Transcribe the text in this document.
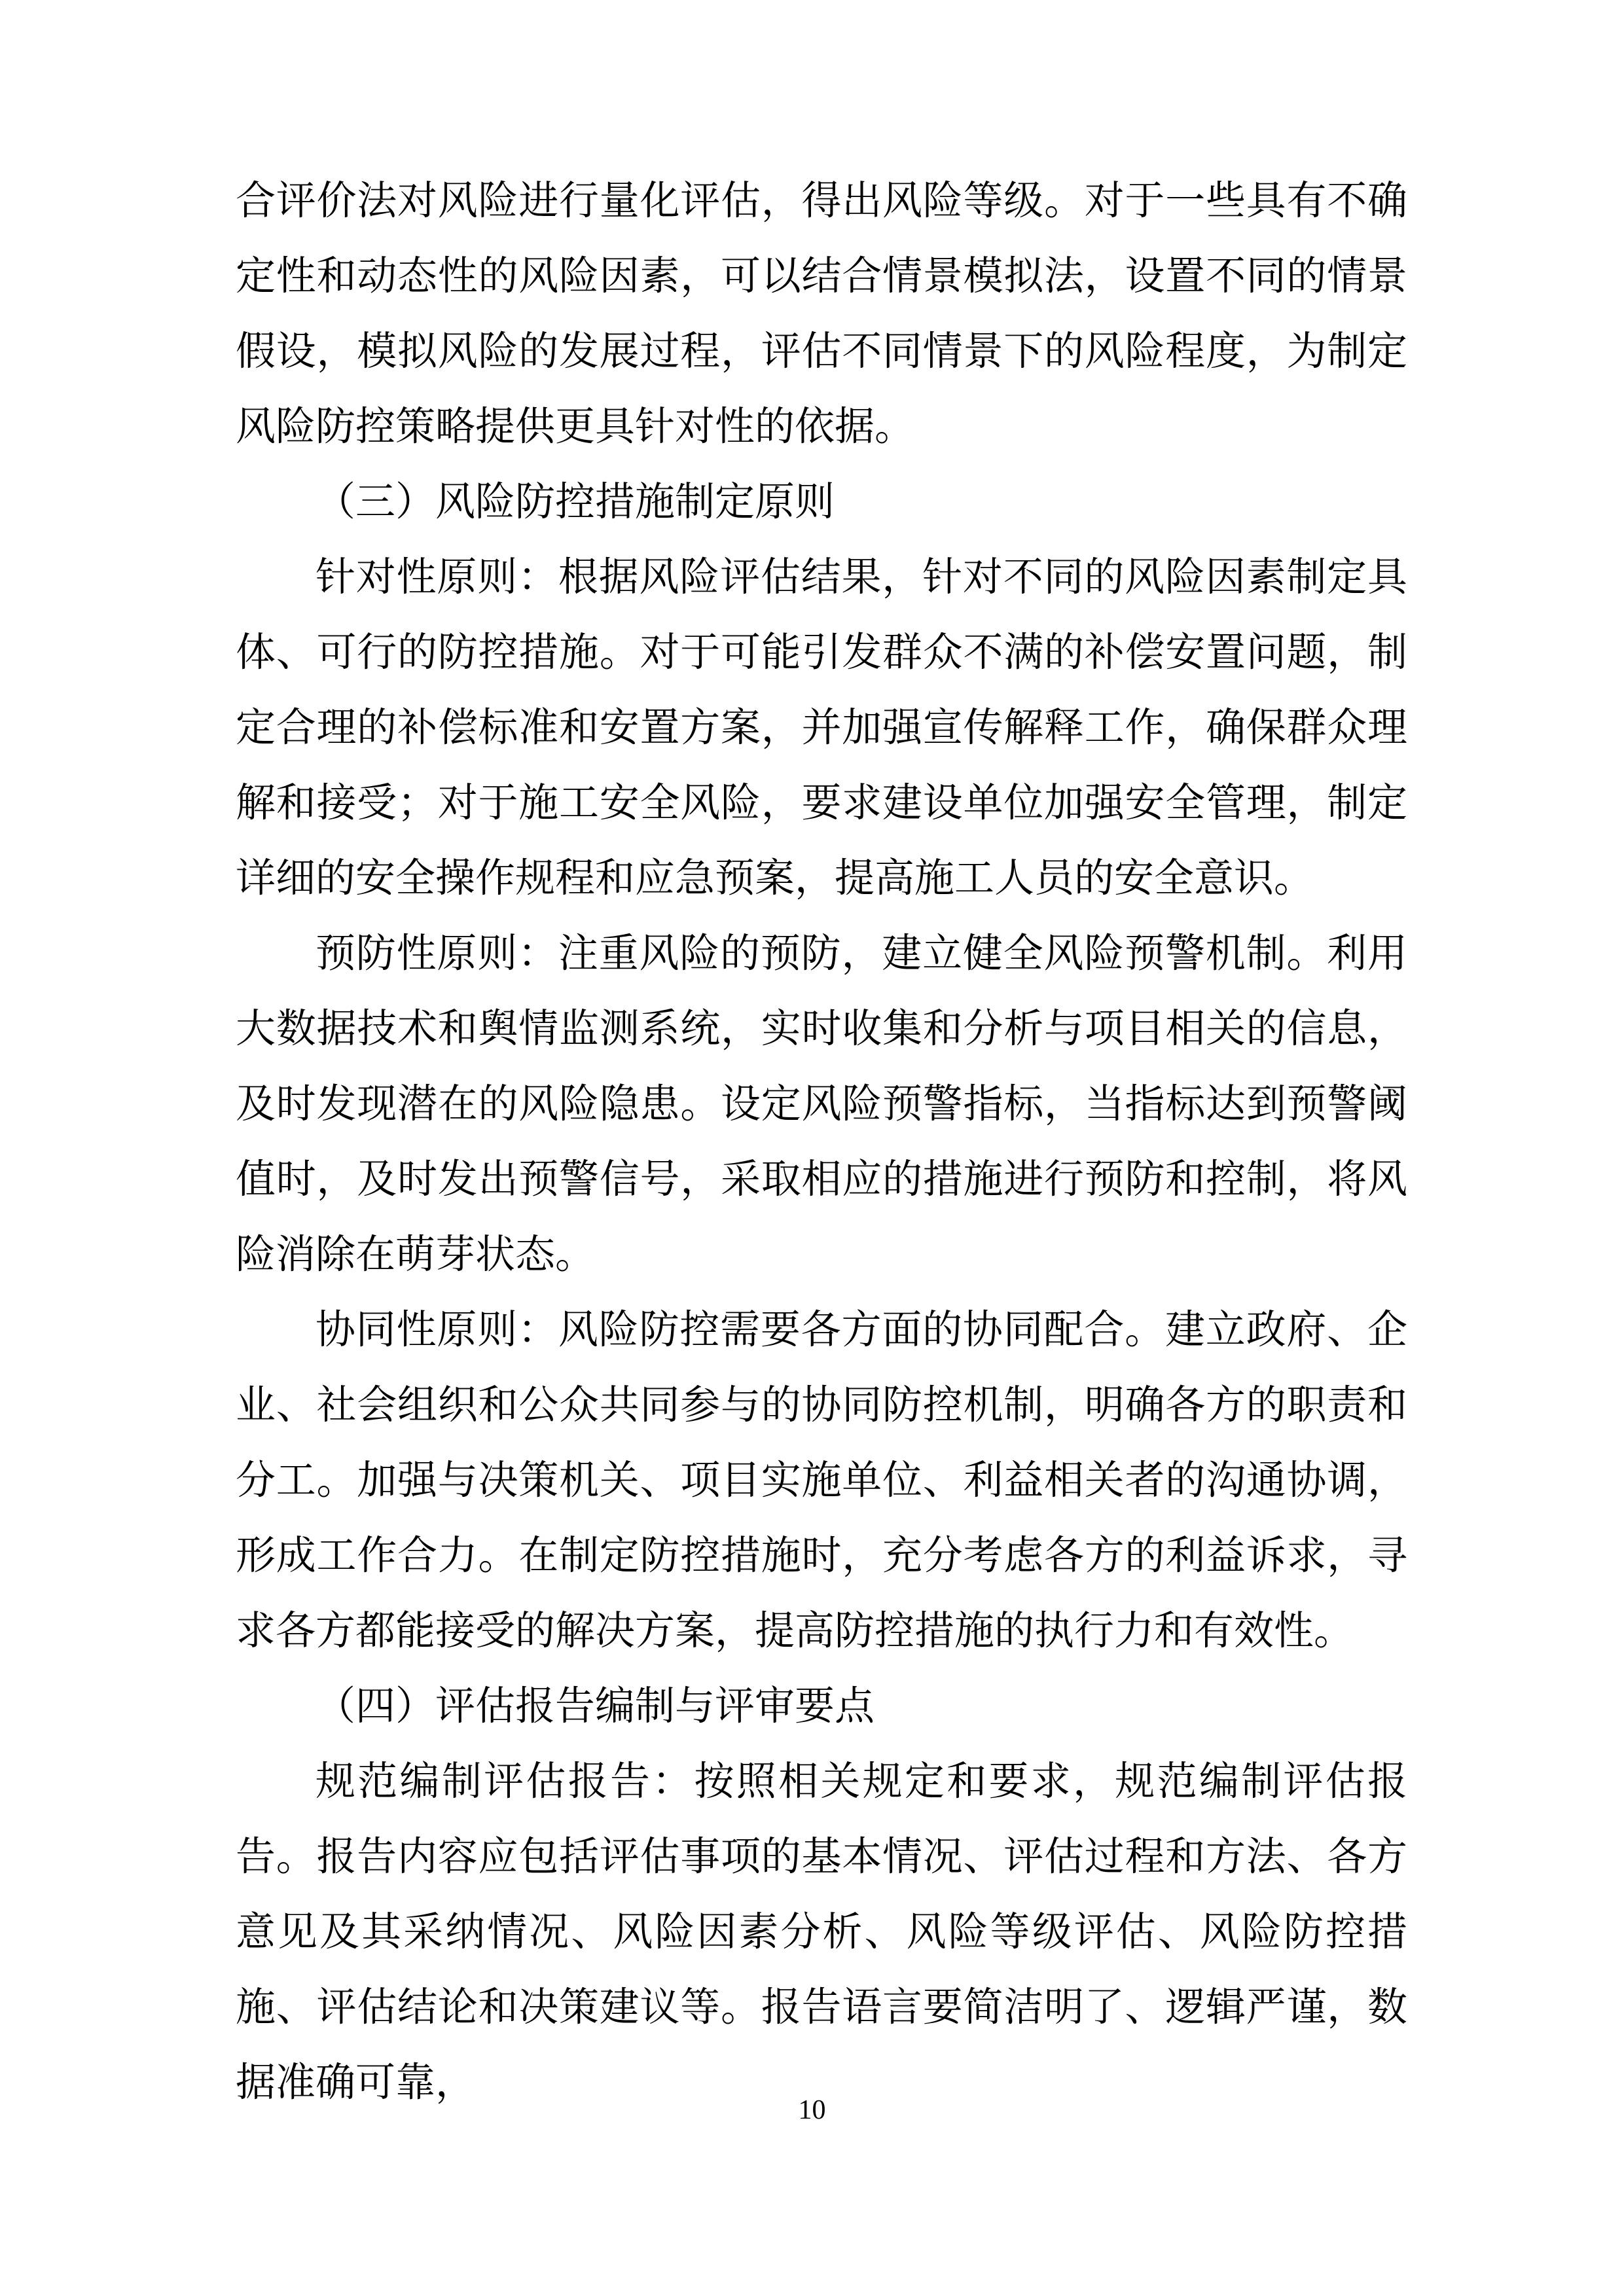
合评价法对风险进行量化评估，得出风险等级。对于一些具有不确定性和动态性的风险因素，可以结合情景模拟法，设置不同的情景假设，模拟风险的发展过程，评估不同情景下的风险程度，为制定风险防控策略提供更具针对性的依据。

（三）风险防控措施制定原则

针对性原则：根据风险评估结果，针对不同的风险因素制定具体、可行的防控措施。对于可能引发群众不满的补偿安置问题，制定合理的补偿标准和安置方案，并加强宣传解释工作，确保群众理解和接受；对于施工安全风险，要求建设单位加强安全管理，制定详细的安全操作规程和应急预案，提高施工人员的安全意识。

预防性原则：注重风险的预防，建立健全风险预警机制。利用大数据技术和舆情监测系统，实时收集和分析与项目相关的信息，及时发现潜在的风险隐患。设定风险预警指标，当指标达到预警阈值时，及时发出预警信号，采取相应的措施进行预防和控制，将风险消除在萌芽状态。

协同性原则：风险防控需要各方面的协同配合。建立政府、企业、社会组织和公众共同参与的协同防控机制，明确各方的职责和分工。加强与决策机关、项目实施单位、利益相关者的沟通协调，形成工作合力。在制定防控措施时，充分考虑各方的利益诉求，寻求各方都能接受的解决方案，提高防控措施的执行力和有效性。

（四）评估报告编制与评审要点

规范编制评估报告：按照相关规定和要求，规范编制评估报告。报告内容应包括评估事项的基本情况、评估过程和方法、各方意见及其采纳情况、风险因素分析、风险等级评估、风险防控措施、评估结论和决策建议等。报告语言要简洁明了、逻辑严谨，数据准确可靠，

10
